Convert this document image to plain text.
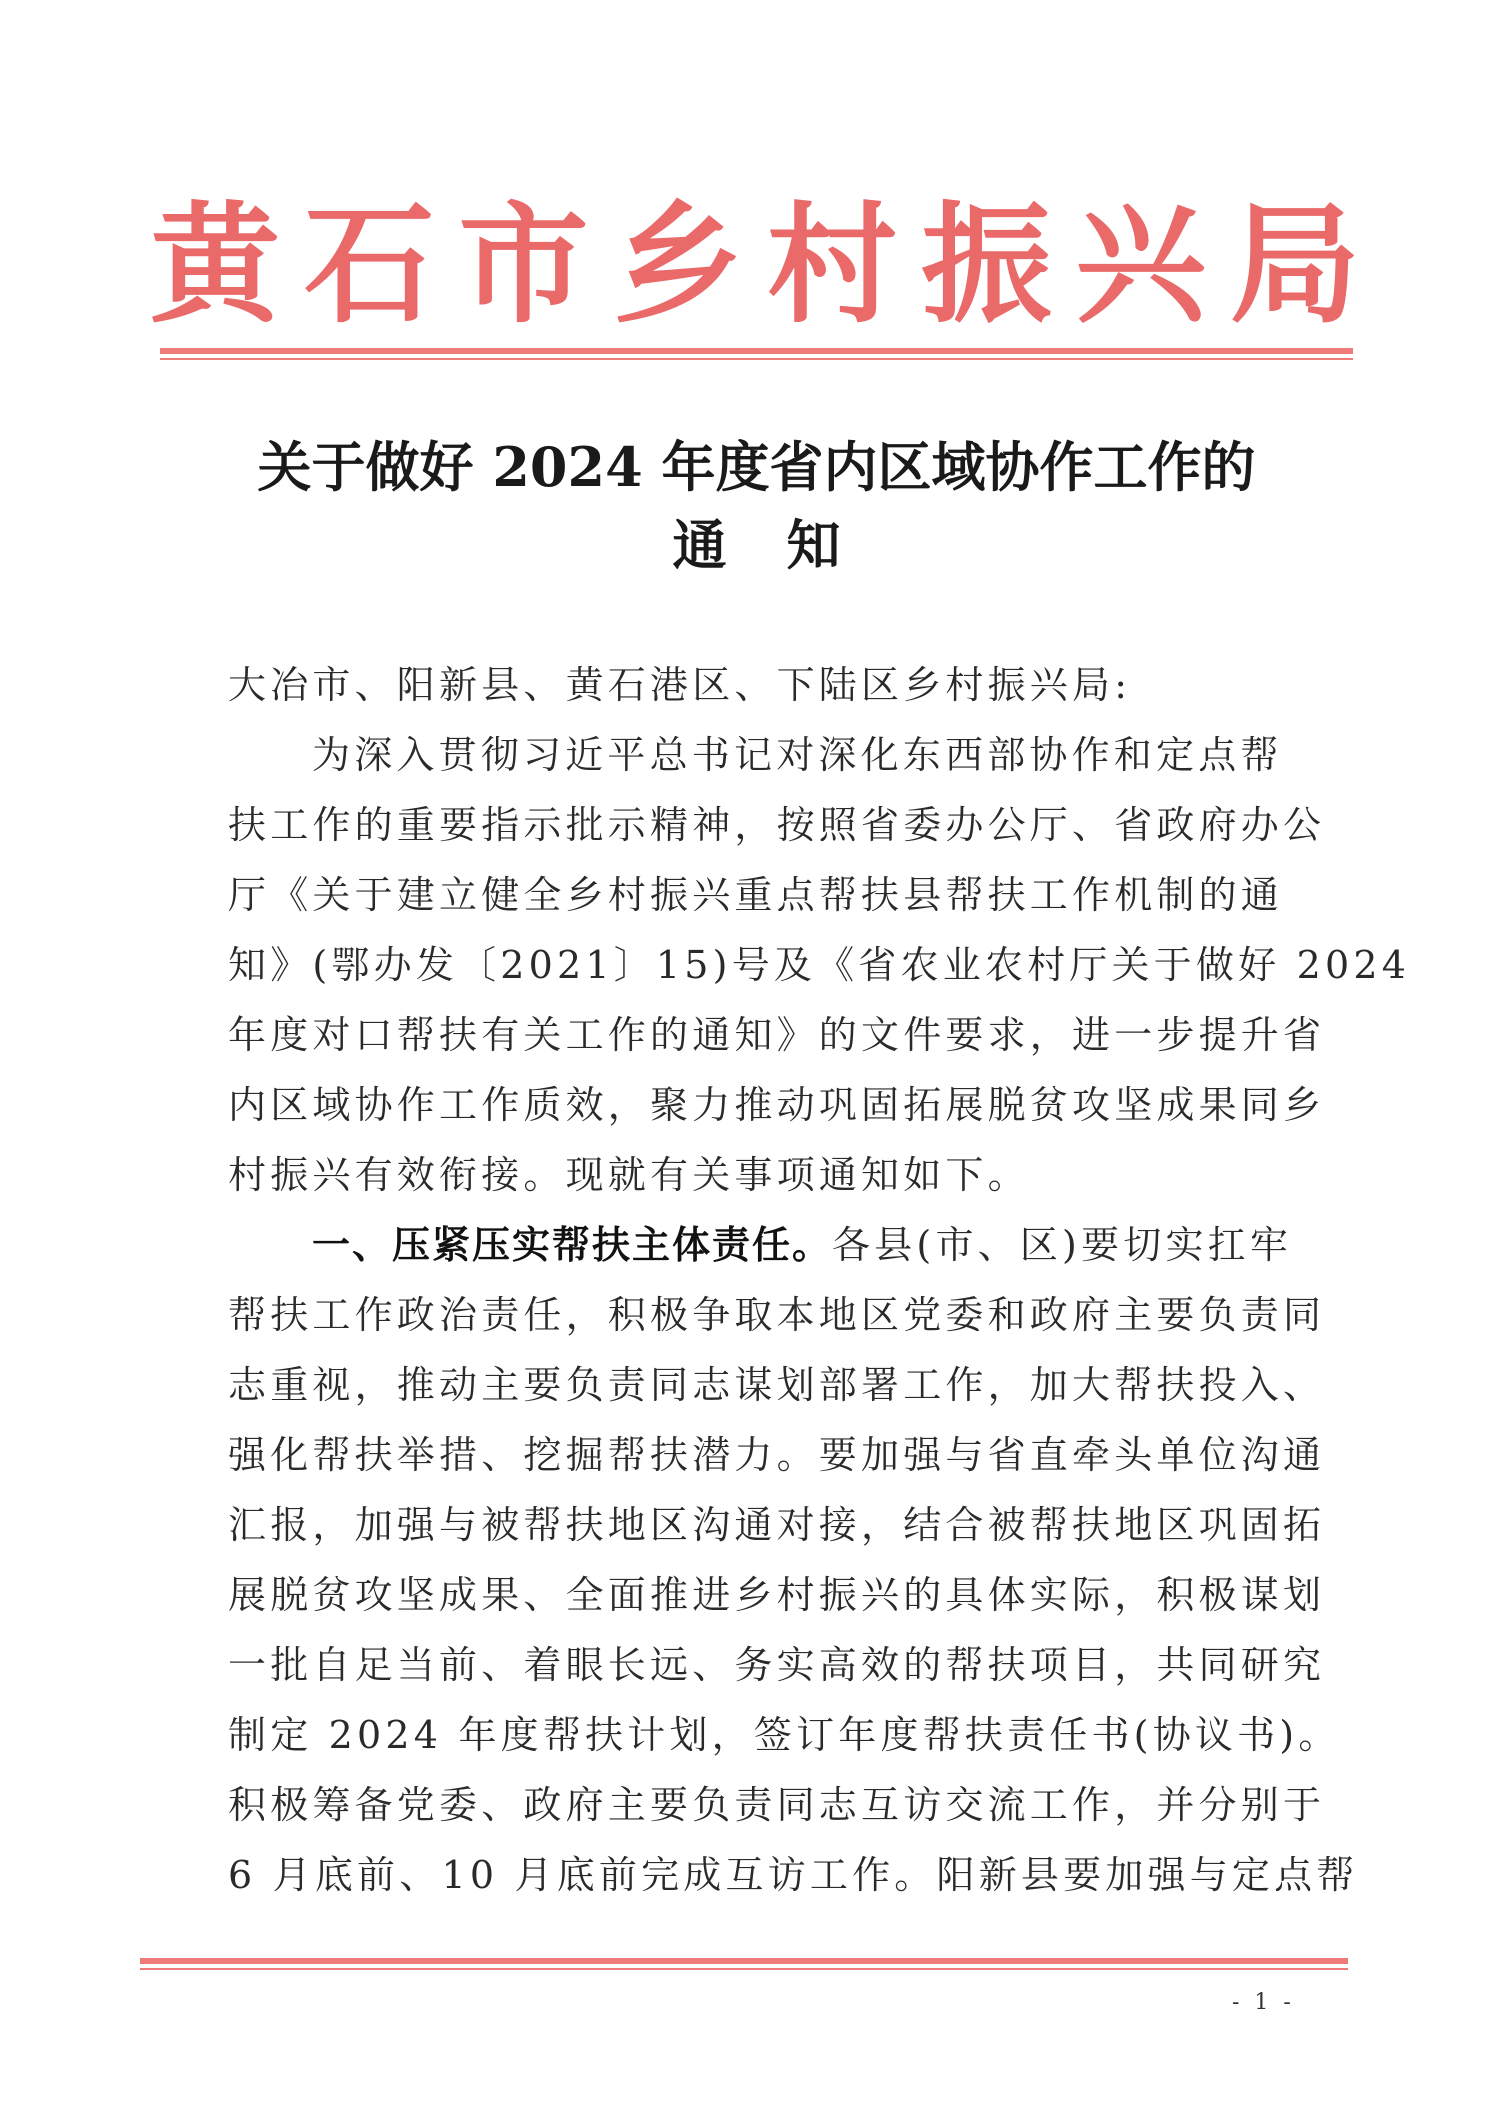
黄 石 市 乡 村 振 兴 局
关于做好 2024 年度省内区域协作工作的
通知
大冶市、阳新县、黄石港区、下陆区乡村振兴局:
为深入贯彻习近平总书记对深化东西部协作和定点帮
扶工作的重要指示批示精神，按照省委办公厅、省政府办公
厅《关于建立健全乡村振兴重点帮扶县帮扶工作机制的通
知》(鄂办发〔2021〕15)号及《省农业农村厅关于做好 2024
年度对口帮扶有关工作的通知》的文件要求，进一步提升省
内区域协作工作质效，聚力推动巩固拓展脱贫攻坚成果同乡
村振兴有效衔接。现就有关事项通知如下。
一、压紧压实帮扶主体责任。各县(市、区)要切实扛牢
帮扶工作政治责任，积极争取本地区党委和政府主要负责同
志重视，推动主要负责同志谋划部署工作，加大帮扶投入、
强化帮扶举措、挖掘帮扶潜力。要加强与省直牵头单位沟通
汇报，加强与被帮扶地区沟通对接，结合被帮扶地区巩固拓
展脱贫攻坚成果、全面推进乡村振兴的具体实际，积极谋划
一批自足当前、着眼长远、务实高效的帮扶项目，共同研究
制定 2024 年度帮扶计划，签订年度帮扶责任书(协议书)。
积极筹备党委、政府主要负责同志互访交流工作，并分别于
6 月底前、10 月底前完成互访工作。阳新县要加强与定点帮
- 1 -
